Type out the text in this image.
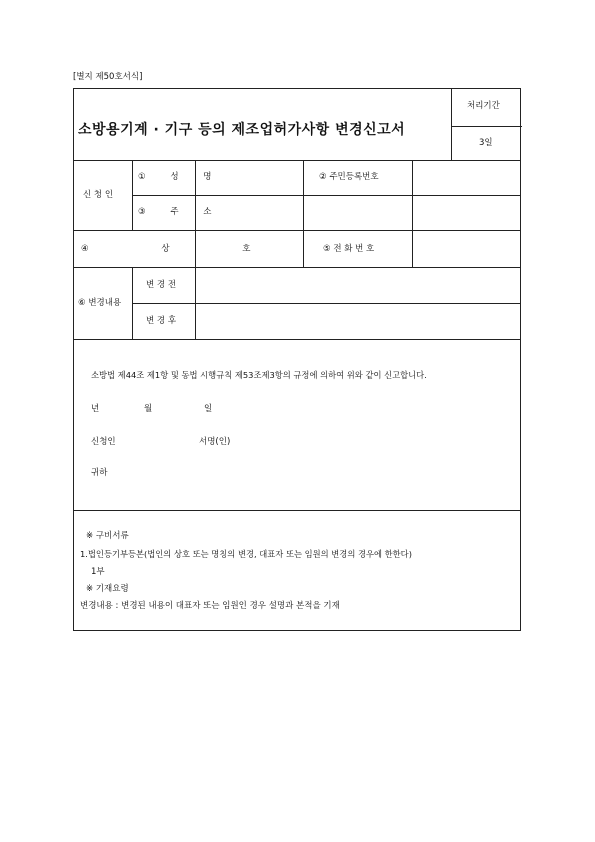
[별지 제50호서식]
소방용기계 · 기구 등의 제조업허가사항 변경신고서
처리기간
3일
신 청 인
① 성 명	② 주민등록번호
③ 주 소
④ 상 호	⑤ 전 화 번 호
⑥ 변경내용
변 경 전
변 경 후
소방법 제44조 제1항 및 동법 시행규칙 제53조제3항의 규정에 의하여 위와 같이 신고합니다.
년	월	일
신청인	서명(인)
귀하
※ 구비서류
1.법인등기부등본(법인의 상호 또는 명칭의 변경, 대표자 또는 임원의 변경의 경우에 한한다)
1부
※ 기재요령
변경내용 : 변경된 내용이 대표자 또는 임원인 경우 설명과 본적을 기재
